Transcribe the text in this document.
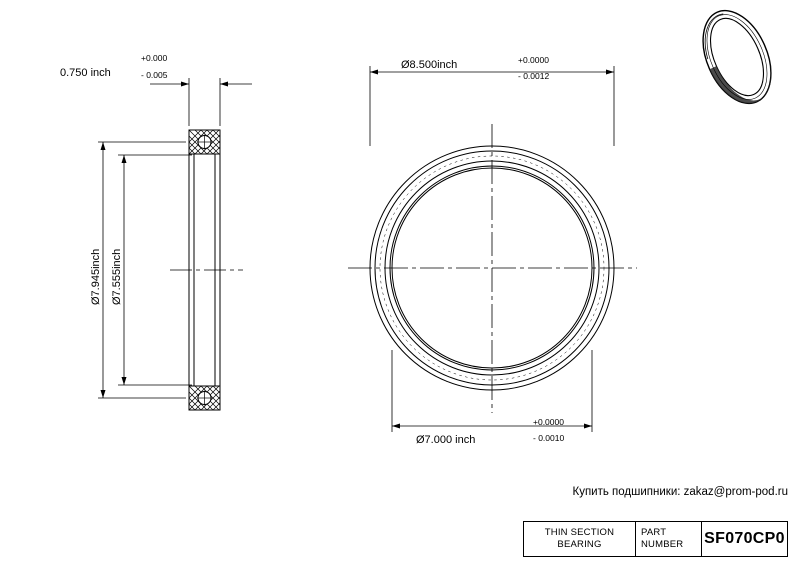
0.750 inch
+0.000
- 0.005
Ø7.945inch Ø7.555inch
Ø8.500inch	+0.0000
- 0.0012
Ø7.000 inch
+0.0000
- 0.0010
Купить подшипники: zakaz@prom-pod.ru
THIN SECTION
BEARING
PART
NUMBER SF070CP0
